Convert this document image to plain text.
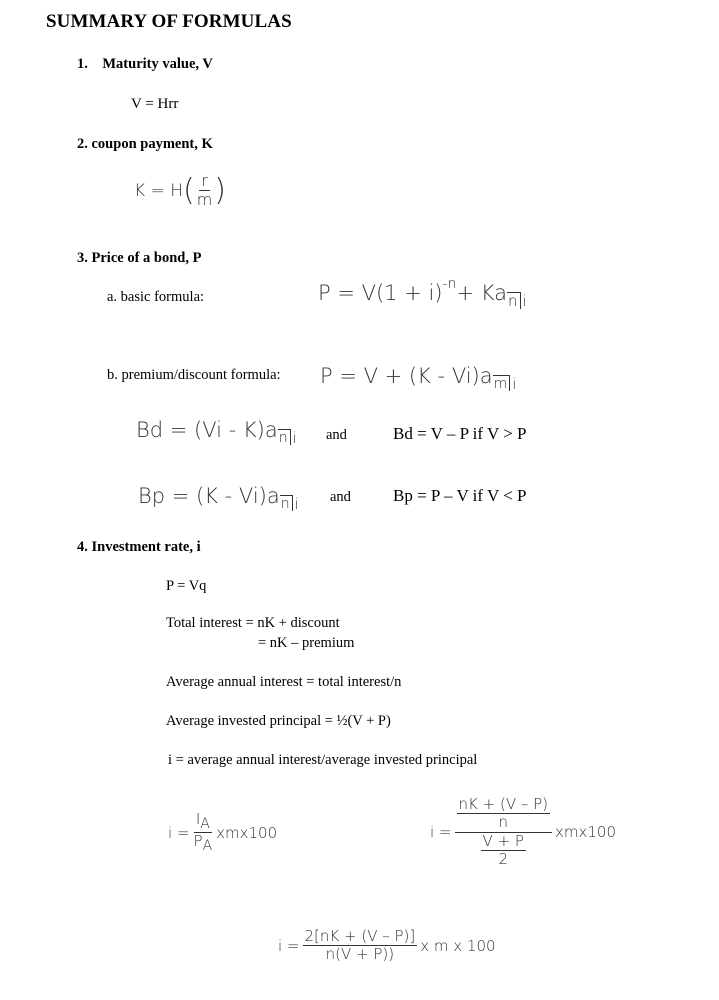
SUMMARY OF FORMULAS
1.    Maturity value, V
V = Hrr
2. coupon payment, K
K = H ( $\frac{r}{m}$ )
3. Price of a bond, P
a. basic formula:	$P = V(1 + i)^{-n}+$ Kan i
b. premium/discount formula: P = V + (K - Vi)am i
Bd = (Vi - K)an i and	Bd = V – P if V > P
Bp = (K - Vi)an i and Bp = P – V if V < P
4. Investment rate, i
P = Vq
Total interest = nK + discount
= nK – premium
Average annual interest = total interest/n
Average invested principal = ½(V + P)
i = average annual interest/average invested principal
$i = \frac{I_A}{P_A} xmx100$	$i = \frac{\frac{nK + (V - P)}{n}}{\frac{V + P}{2}} xmx100$
$i = \frac{2[nK + (V - P)]}{n(V + P))}$ x m x 100
